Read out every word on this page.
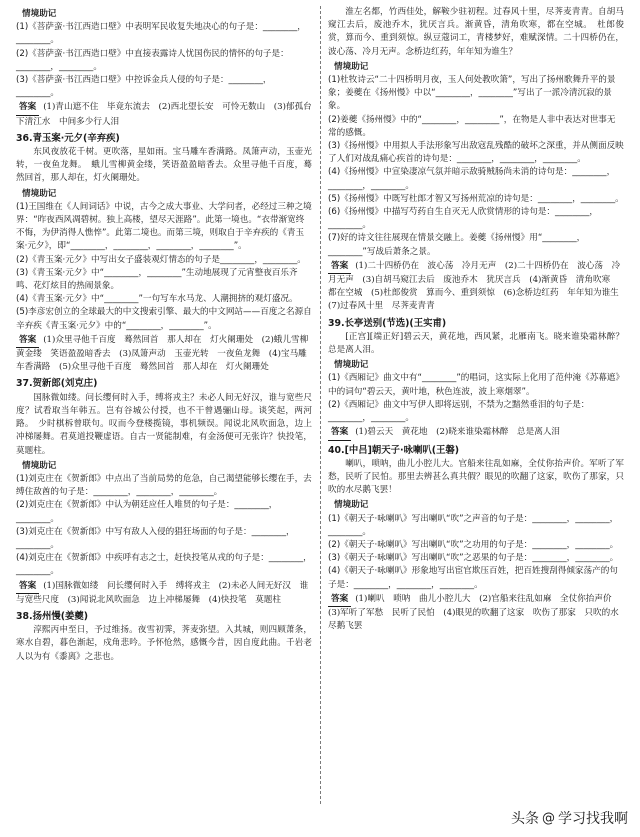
情境助记

(1)《菩萨蛮·书江西造口壁》中表明军民收复失地决心的句子是：________，________。

(2)《菩萨蛮·书江西造口壁》中直接表露诗人忧国伤民的情怀的句子是：________，________。

(3)《菩萨蛮·书江西造口壁》中控诉金兵人侵的句子是：________，________。

答案 (1)青山遮不住　毕竟东流去　(2)西北望长安　可怜无数山　(3)郁孤台下清江水　中间多少行人泪
36.青玉案·元夕(辛弃疾)

东风夜放花千树。更吹落，星如雨。宝马雕车香满路。凤箫声动，玉壶光转，一夜鱼龙舞。　蛾儿雪柳黄金缕，笑语盈盈暗香去。众里寻他千百度，蓦然回首，那人却在，灯火阑珊处。

情境助记

(1)王国维在《人间词话》中说，古今之成大事业、大学问者，必经过三种之境界：“昨夜西风凋碧树。独上高楼，望尽天涯路”。此第一境也。“衣带渐宽终不悔，为伊消得人憔悴”。此第二境也。而第三境，则取自于辛弃疾的《青玉案·元夕》，即“________，________，________，________”。

(2)《青玉案·元夕》中写出女子盛装观灯情态的句子是________，________。

(3)《青玉案·元夕》中“________，________”生动地展现了元宵整夜百乐齐鸣、花灯炫目的热闹景象。

(4)《青玉案·元夕》中“________”一句写车水马龙、人潮拥挤的观灯盛况。

(5)李彦宏创立的全球最大的中文搜索引擎、最大的中文网站——百度之名源自辛弃疾《青玉案·元夕》中的“________，________”。

答案 (1)众里寻他千百度　蓦然回首　那人却在　灯火阑珊处　(2)蛾儿雪柳黄金缕　笑语盈盈暗香去　(3)凤箫声动　玉壶光转　一夜鱼龙舞　(4)宝马雕车香满路　(5)众里寻他千百度　蓦然回首　那人却在　灯火阑珊处
37.贺新郎(刘克庄)

国脉微如缕。问长缨何时入手，缚将戎主？未必人间无好汉，谁与宽些尺度？试看取当年韩五。岂有谷城公付授，也不干曾遇骊山母。谈笑起，两河路。　少时棋柝曾联句。叹而今登楼揽镜，事机频误。闻说北风吹面急，边上冲梯屡舞。君莫道投鞭虚语。自古一贤能制难，有金汤便可无张许？快投笔，莫题柱。

情境助记

(1)刘克庄在《贺新郎》中点出了当前局势的危急，自己渴望能够长缨在手，去缚住敌酋的句子是：________，________，________。

(2)刘克庄在《贺新郎》中认为朝廷应任人唯贤的句子是：________，________。

(3)刘克庄在《贺新郎》中写有敌人入侵的猖狂场面的句子是：________，________。

(4)刘克庄在《贺新郎》中疾呼有志之士，赶快投笔从戎的句子是：________，________。

答案 (1)国脉微如缕　问长缨何时入手　缚将戎主　(2)未必人间无好汉　谁与宽些尺度　(3)闻说北风吹面急　边上冲梯屡舞　(4)快投笔　莫题柱
38.扬州慢(姜夔)

淳熙丙申至日，予过维扬。夜雪初霁，荠麦弥望。入其城，则四顾萧条，寒水自碧，暮色渐起，戍角悲吟。予怀怆然，感慨今昔，因自度此曲。千岩老人以为有《黍离》之悲也。

淮左名都，竹西佳处，解鞍少驻初程。过春风十里，尽荠麦青青。自胡马窥江去后，废池乔木，犹厌言兵。渐黄昏，清角吹寒，都在空城。　杜郎俊赏，算而今、重到须惊。纵豆蔻词工，青楼梦好，难赋深情。二十四桥仍在，波心荡、冷月无声。念桥边红药，年年知为谁生？

情境助记

(1)杜牧诗云“二十四桥明月夜，玉人何处教吹箫”，写出了扬州歌舞升平的景象；姜夔在《扬州慢》中以“________，________”写出了一派冷清沉寂的景象。

(2)姜夔《扬州慢》中的“________，________”，在物是人非中表达对世事无常的感慨。

(3)《扬州慢》中用拟人手法形象写出敌寇乱残酷的破坏之深重，并从侧面反映了人们对战乱痛心疾首的诗句是：________，________，________。

(4)《扬州慢》中宣染凄凉气氛并暗示敌骑贼肠尚未消的诗句是：________，________，________。

(5)《扬州慢》中既写杜郎才智又写扬州荒凉的诗句是：________，________。

(6)《扬州慢》中描写芍药自生自灭无人欣赏情形的诗句是：________，________。

(7)好的诗文往往展现在情景交融上。姜夔《扬州慢》用“________，________”写战后萧条之景。

答案 (1)二十四桥仍在　波心荡　冷月无声　(2)二十四桥仍在　波心荡　冷月无声　(3)自胡马窥江去后　废池乔木　犹厌言兵　(4)渐黄昏　清角吹寒　都在空城　(5)杜郎俊赏　算而今、重到须惊　(6)念桥边红药　年年知为谁生　(7)过春风十里　尽荠麦青青
39.长亭送别(节选)(王实甫)

[正宫][端正好]碧云天，黄花地，西风紧，北雁南飞。晓来谁染霜林醉？总是离人泪。

情境助记

(1)《西厢记》曲文中有“________”的唱词，这实际上化用了范仲淹《苏幕遮》中的词句“碧云天，黄叶地，秋色连波，波上寒烟翠”。

(2)《西厢记》曲文中写伊人即将远别，不禁为之黯然垂泪的句子是：________，________。

答案 (1)碧云天　黄花地　(2)晓来谁染霜林醉　总是离人泪
40.[中吕]朝天子·咏喇叭(王磐)

喇叭，唢呐，曲儿小腔儿大。官船来往乱如麻，全仗你抬声价。军听了军愁，民听了民怕。那里去辨甚么真共假？眼见的吹翻了这家，吹伤了那家，只吹的水尽鹅飞罢！

情境助记

(1)《朝天子·咏喇叭》写出喇叭“吹”之声音的句子是：________，________，________。

(2)《朝天子·咏喇叭》写出喇叭“吹”之功用的句子是：________，________。

(3)《朝天子·咏喇叭》写出喇叭“吹”之恶果的句子是：________，________。

(4)《朝天子·咏喇叭》形象地写出宦官欺压百姓，把百姓搜刮得倾家荡产的句子是：________，________，________。

答案 (1)喇叭　唢呐　曲儿小腔儿大　(2)官船来往乱如麻　全仗你抬声价　(3)军听了军愁　民听了民怕　(4)眼见的吹翻了这家　吹伤了那家　只吹的水尽鹅飞罢
头条 @ 学习找我啊
